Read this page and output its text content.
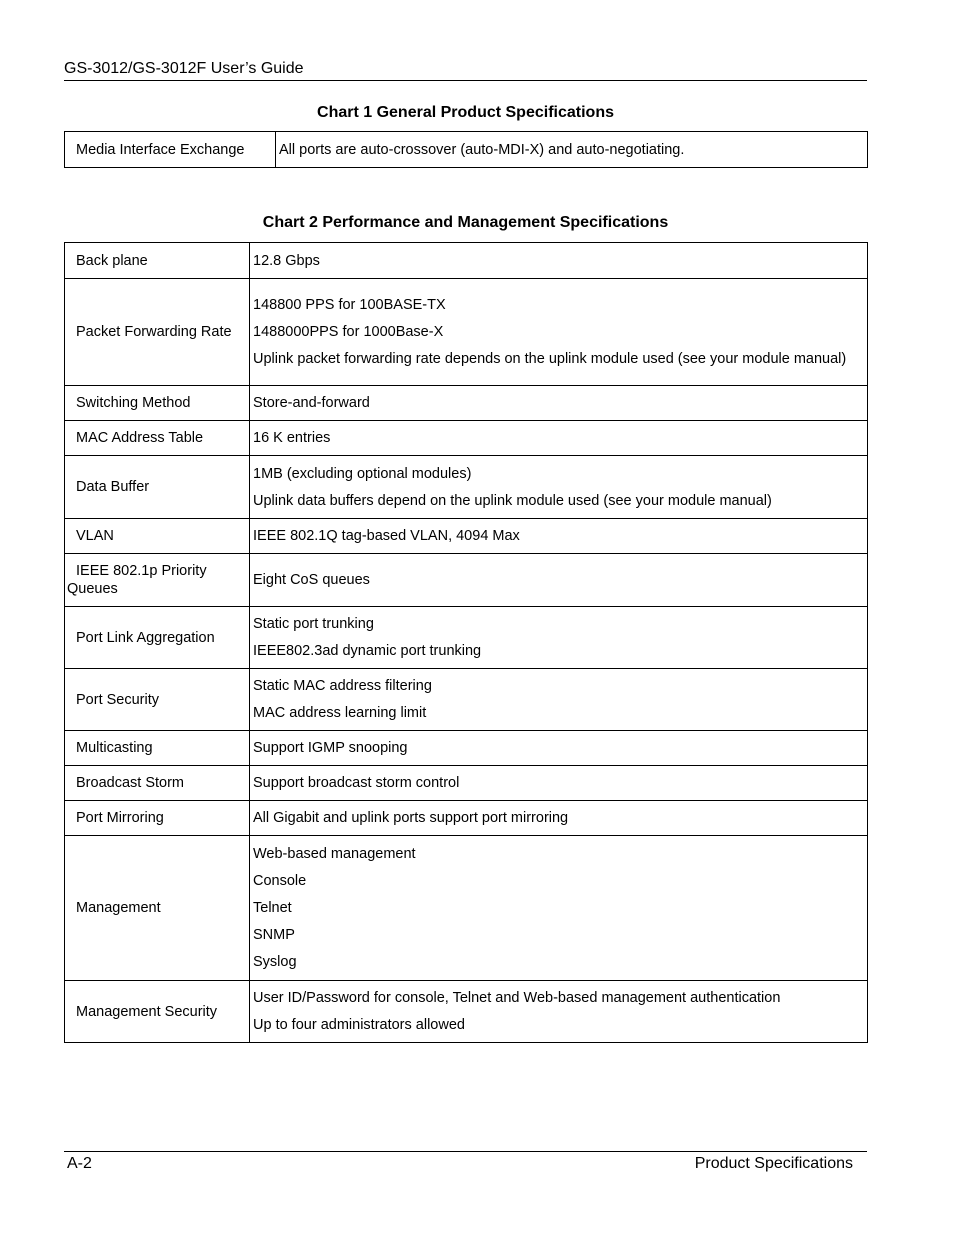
GS-3012/GS-3012F User’s Guide
Chart 1 General Product Specifications
Media Interface Exchange	All ports are auto-crossover (auto-MDI-X) and auto-negotiating.
Chart 2 Performance and Management Specifications
Back plane	12.8 Gbps

Packet Forwarding Rate	148800 PPS for 100BASE-TX
1488000PPS for 1000Base-X
Uplink packet forwarding rate depends on the uplink module used (see your module manual)

Switching Method	Store-and-forward

MAC Address Table	16 K entries

Data Buffer	1MB (excluding optional modules)
Uplink data buffers depend on the uplink module used (see your module manual)

VLAN	IEEE 802.1Q tag-based VLAN, 4094 Max

IEEE 802.1p Priority Queues	Eight CoS queues

Port Link Aggregation	Static port trunking
IEEE802.3ad dynamic port trunking

Port Security	Static MAC address filtering
MAC address learning limit

Multicasting	Support IGMP snooping

Broadcast Storm	Support broadcast storm control

Port Mirroring	All Gigabit and uplink ports support port mirroring

Management	Web-based management
Console
Telnet
SNMP
Syslog

Management Security	User ID/Password for console, Telnet and Web-based management authentication
Up to four administrators allowed
A-2	Product Specifications
